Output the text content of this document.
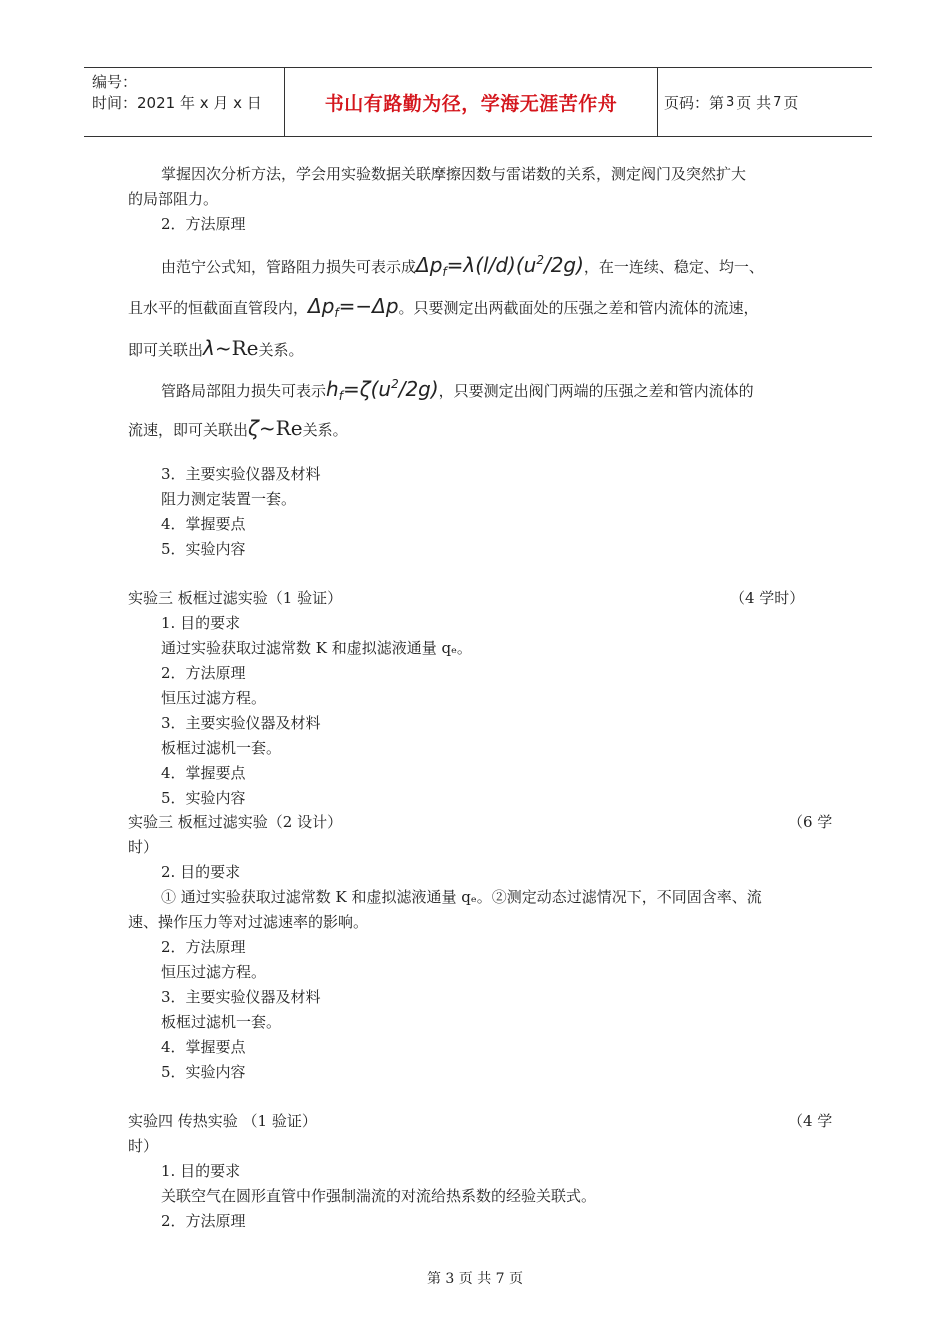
编号：
时间：2021 年 x 月 x 日	书山有路勤为径，学海无涯苦作舟	页码：第 3 页 共 7 页
掌握因次分析方法，学会用实验数据关联摩擦因数与雷诺数的关系，测定阀门及突然扩大
的局部阻力。
2．方法原理
由范宁公式知，管路阻力损失可表示成$\Delta p_f=\lambda(l/d)(u^2/2g)$，在一连续、稳定、均一、
且水平的恒截面直管段内，$\Delta p_f=-\Delta p$。只要测定出两截面处的压强之差和管内流体的流速，
即可关联出λ~Re关系。
管路局部阻力损失可表示$h_f=\zeta(u^2/2g)$，只要测定出阀门两端的压强之差和管内流体的
流速，即可关联出ζ~Re关系。
3．主要实验仪器及材料
阻力测定装置一套。
4．掌握要点
5．实验内容
实验三 板框过滤实验（1 验证）	（4 学时）
1. 目的要求
通过实验获取过滤常数 K 和虚拟滤液通量 qₑ。
2．方法原理
恒压过滤方程。
3．主要实验仪器及材料
板框过滤机一套。
4．掌握要点
5．实验内容
实验三 板框过滤实验（2 设计）	（6 学
时）
2. 目的要求
① 通过实验获取过滤常数 K 和虚拟滤液通量 qₑ。②测定动态过滤情况下，不同固含率、流
速、操作压力等对过滤速率的影响。
2．方法原理
恒压过滤方程。
3．主要实验仪器及材料
板框过滤机一套。
4．掌握要点
5．实验内容
实验四 传热实验 （1 验证）	（4 学
时）
1. 目的要求
关联空气在圆形直管中作强制湍流的对流给热系数的经验关联式。
2．方法原理
第 3 页 共 7 页
